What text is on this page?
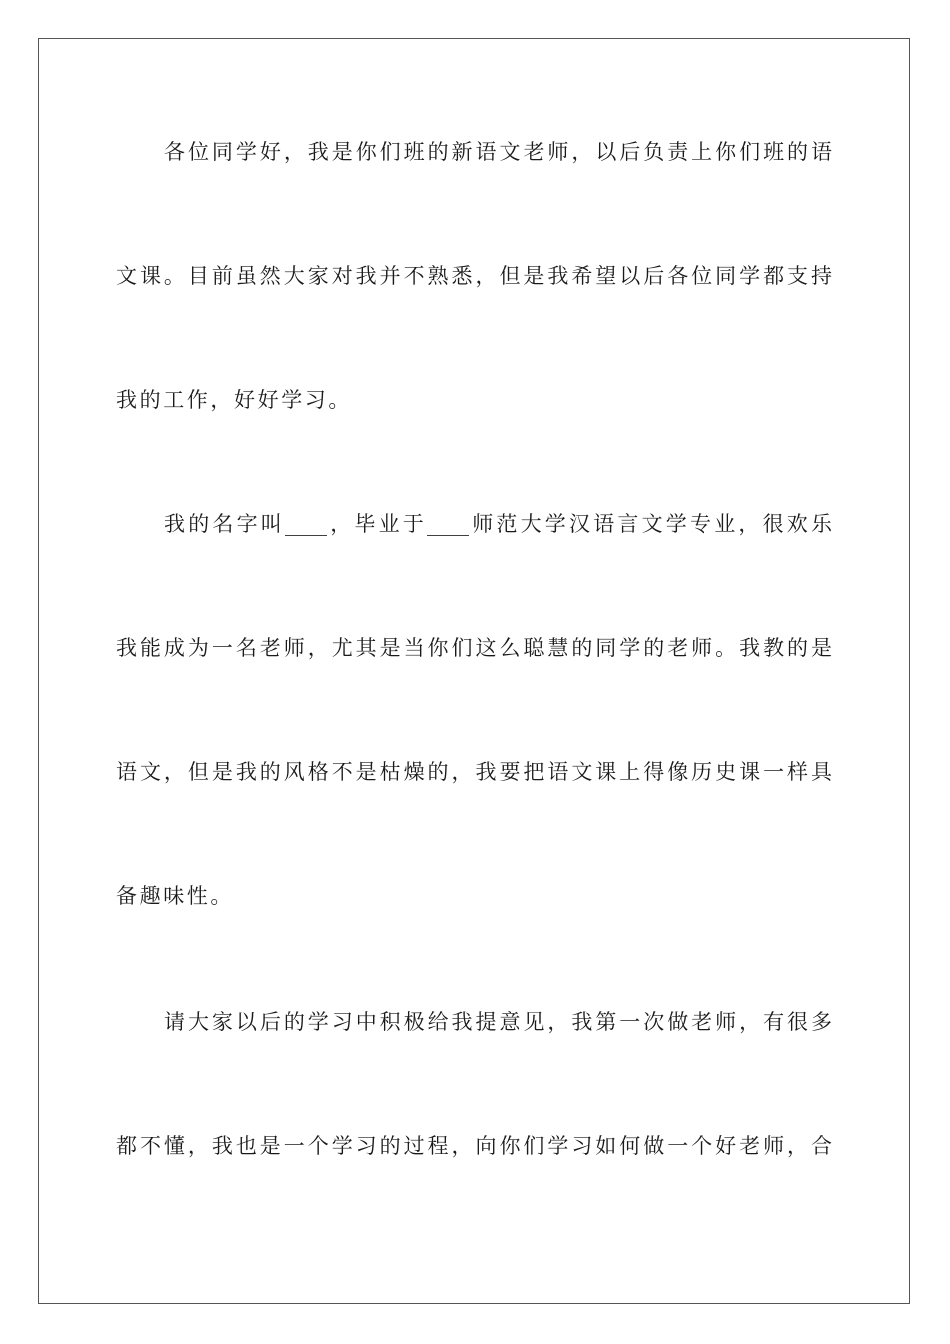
各位同学好，我是你们班的新语文老师，以后负责上你们班的语

文课。目前虽然大家对我并不熟悉，但是我希望以后各位同学都支持

我的工作，好好学习。

我的名字叫____，毕业于____师范大学汉语言文学专业，很欢乐

我能成为一名老师，尤其是当你们这么聪慧的同学的老师。我教的是

语文，但是我的风格不是枯燥的，我要把语文课上得像历史课一样具

备趣味性。

请大家以后的学习中积极给我提意见，我第一次做老师，有很多

都不懂，我也是一个学习的过程，向你们学习如何做一个好老师，合
